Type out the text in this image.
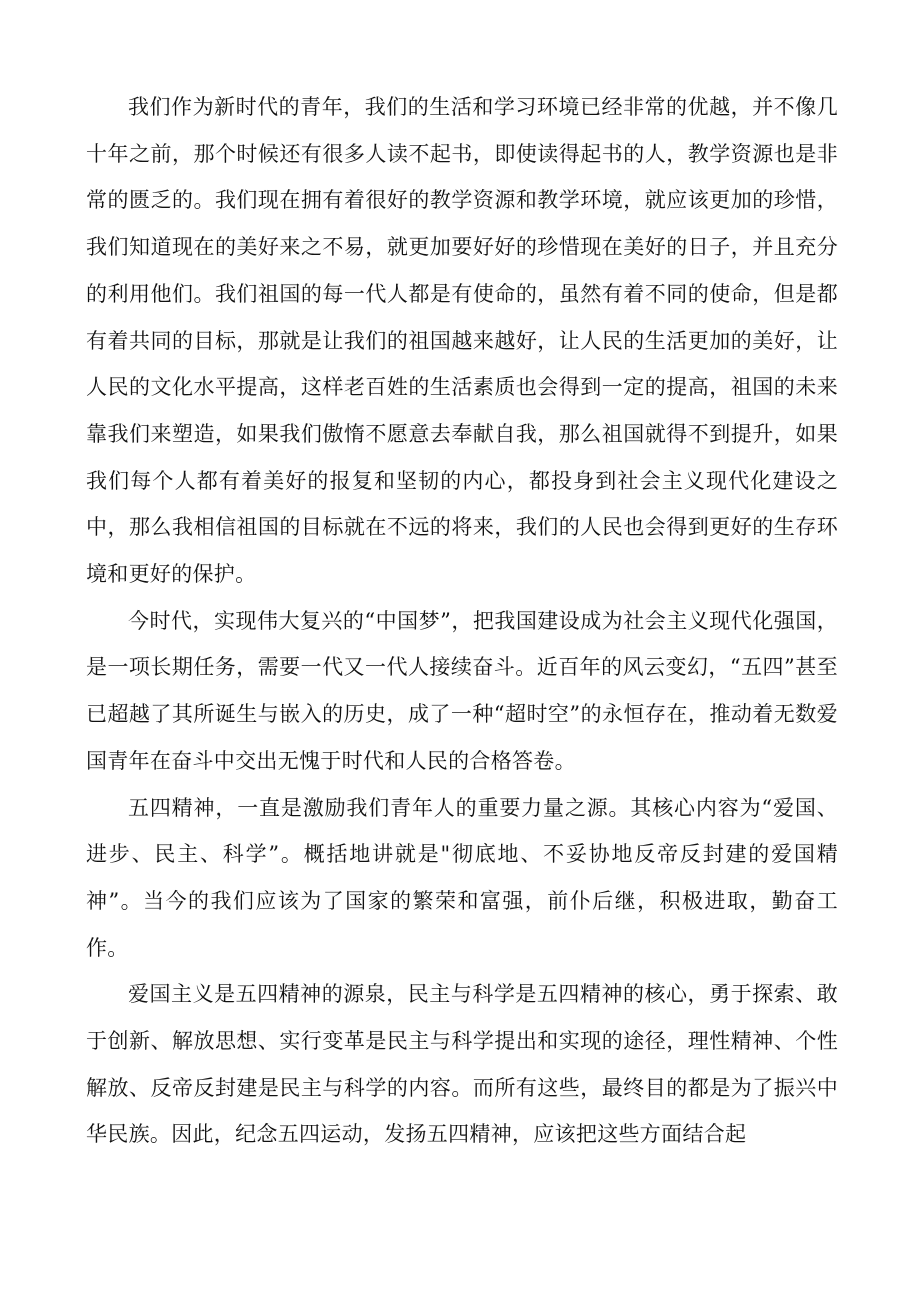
我们作为新时代的青年，我们的生活和学习环境已经非常的优越，并不像几十年之前，那个时候还有很多人读不起书，即使读得起书的人，教学资源也是非常的匮乏的。我们现在拥有着很好的教学资源和教学环境，就应该更加的珍惜，我们知道现在的美好来之不易，就更加要好好的珍惜现在美好的日子，并且充分的利用他们。我们祖国的每一代人都是有使命的，虽然有着不同的使命，但是都有着共同的目标，那就是让我们的祖国越来越好，让人民的生活更加的美好，让人民的文化水平提高，这样老百姓的生活素质也会得到一定的提高，祖国的未来靠我们来塑造，如果我们傲惰不愿意去奉献自我，那么祖国就得不到提升，如果我们每个人都有着美好的报复和坚韧的内心，都投身到社会主义现代化建设之中，那么我相信祖国的目标就在不远的将来，我们的人民也会得到更好的生存环境和更好的保护。

今时代，实现伟大复兴的“中国梦”，把我国建设成为社会主义现代化强国，是一项长期任务，需要一代又一代人接续奋斗。近百年的风云变幻，“五四”甚至已超越了其所诞生与嵌入的历史，成了一种“超时空”的永恒存在，推动着无数爱国青年在奋斗中交出无愧于时代和人民的合格答卷。

五四精神，一直是激励我们青年人的重要力量之源。其核心内容为“爱国、进步、民主、科学”。概括地讲就是"彻底地、不妥协地反帝反封建的爱国精神”。当今的我们应该为了国家的繁荣和富强，前仆后继，积极进取，勤奋工作。

爱国主义是五四精神的源泉，民主与科学是五四精神的核心，勇于探索、敢于创新、解放思想、实行变革是民主与科学提出和实现的途径，理性精神、个性解放、反帝反封建是民主与科学的内容。而所有这些，最终目的都是为了振兴中华民族。因此，纪念五四运动，发扬五四精神，应该把这些方面结合起
